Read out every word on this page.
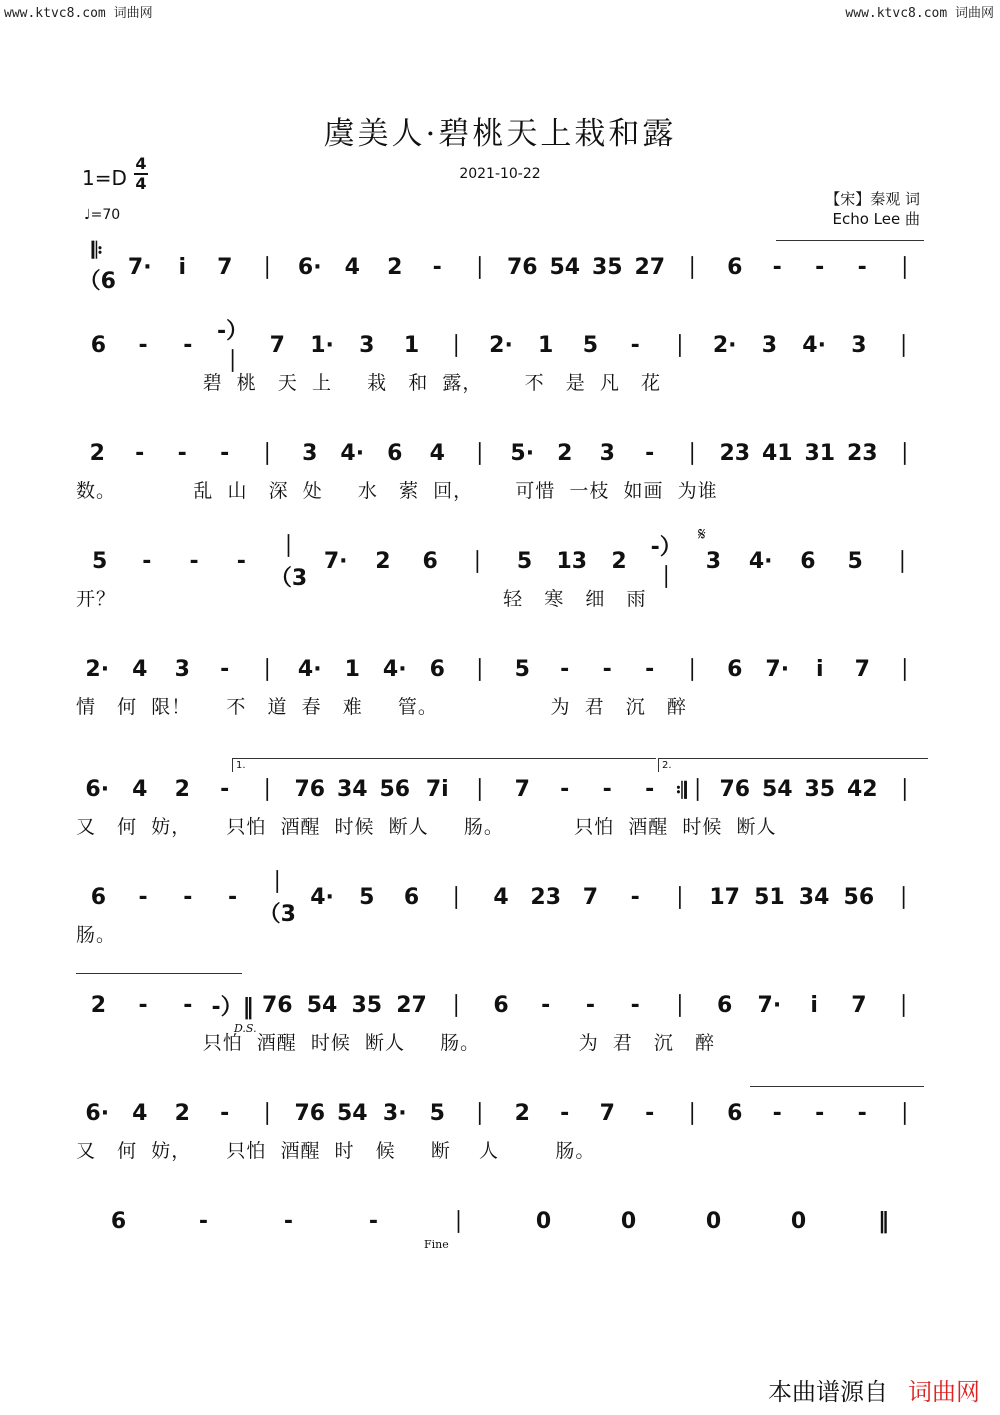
www.ktvc8.com 词曲网	www.ktvc8.com 词曲网
虞美人·碧桃天上栽和露
2021-10-22
1=D
4
4
♩=70
【宋】秦观 词
Echo Lee 曲
1.	2.
𝄋
D.S.
Fine
𝄆（6
7·	i	7	｜ 6·	4	2	-	｜ 76 54 35 27 ｜	6	-	-	-	｜
6	-	-
-）｜
7	1·	3	1	｜ 2·	1	5	-	｜ 2·	3	4·	3	｜
碧  桃   天  上     栽   和  露，      不   是  凡   花
2	-	-	-	｜	3	4·	6	4	｜ 5·	2	3	-	｜ 23 41 31 23 ｜
数。           乱  山   深  处     水   萦  回，      可惜  一枝  如画  为谁
5	-	-	-
｜（3
7·	2	6	｜	5	13	2
-）｜
3	4·	6	5	｜
开？                                                       轻   寒   细   雨
2·	4	3	-	｜ 4·	1	4·	6	｜	5	-	-	-	｜	6	7·	i	7	｜
情   何  限！     不   道  春   难     管。                为  君   沉   醉
6·	4	2	-	｜ 76 34 56 7i ｜	7	-	-	- 𝄇｜ 76 54 35 42 ｜
又   何  妨，     只怕  酒醒  时候  断人     肠。          只怕  酒醒  时候  断人
6	-	-	-
｜（3
4·	5	6	｜	4 23 7	-	｜ 17 51 34 56 ｜
肠。
2	-	- -）‖ 76 54 35 27 ｜	6	-	-	-	｜	6	7·	i	7	｜
只怕  酒醒  时候  断人     肠。              为  君   沉   醉
6·	4	2	-	｜ 76 54 3·	5	｜	2	-	7	-	｜	6	-	-	-	｜
又   何  妨，     只怕  酒醒  时   候     断    人        肠。
6	-	-	-	｜	0	0	0	0	‖
本曲谱源自 词曲网
